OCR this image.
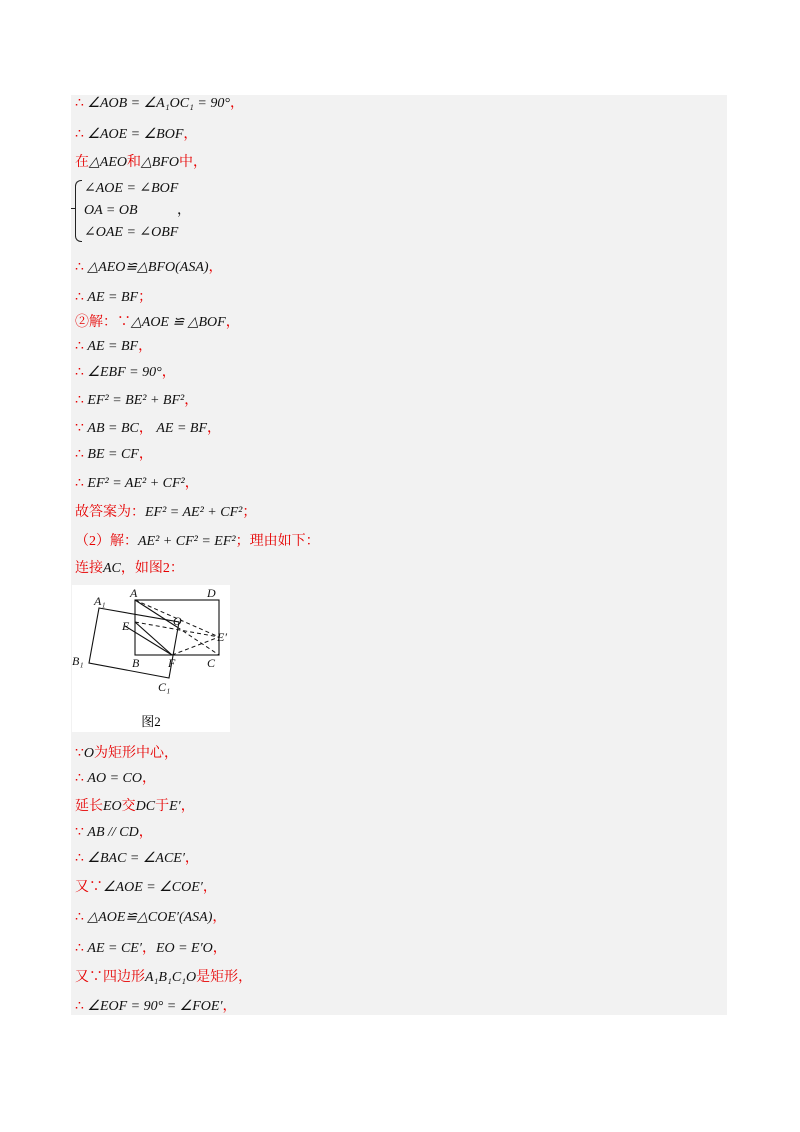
∴ ∠AOB = ∠A₁OC₁ = 90°，
∴ ∠AOE = ∠BOF，
在△AEO和△BFO中，
∠AOE = ∠BOF
OA = OB
∠OAE = ∠OBF
，
∴ △AEO≌△BFO(ASA)，
∴ AE = BF；
②解：∵△AOE ≌ △BOF，
∴ AE = BF，
∴ ∠EBF = 90°，
∴ EF² = BE² + BF²，
∵ AB = BC， AE = BF，
∴ BE = CF，
∴ EF² = AE² + CF²，
故答案为：EF² = AE² + CF²；
（2）解：AE² + CF² = EF²；理由如下：
连接AC，如图2：
A₁
A	D
E	O
E′
B₁	B F	C
C₁
图2
∵O为矩形中心，
∴ AO = CO，
延长EO交DC于E′，
∵ AB // CD，
∴ ∠BAC = ∠ACE′，
又∵∠AOE = ∠COE′，
∴ △AOE≌△COE′(ASA)，
∴ AE = CE′，EO = E′O，
又∵四边形A₁B₁C₁O是矩形，
∴ ∠EOF = 90° = ∠FOE′，
